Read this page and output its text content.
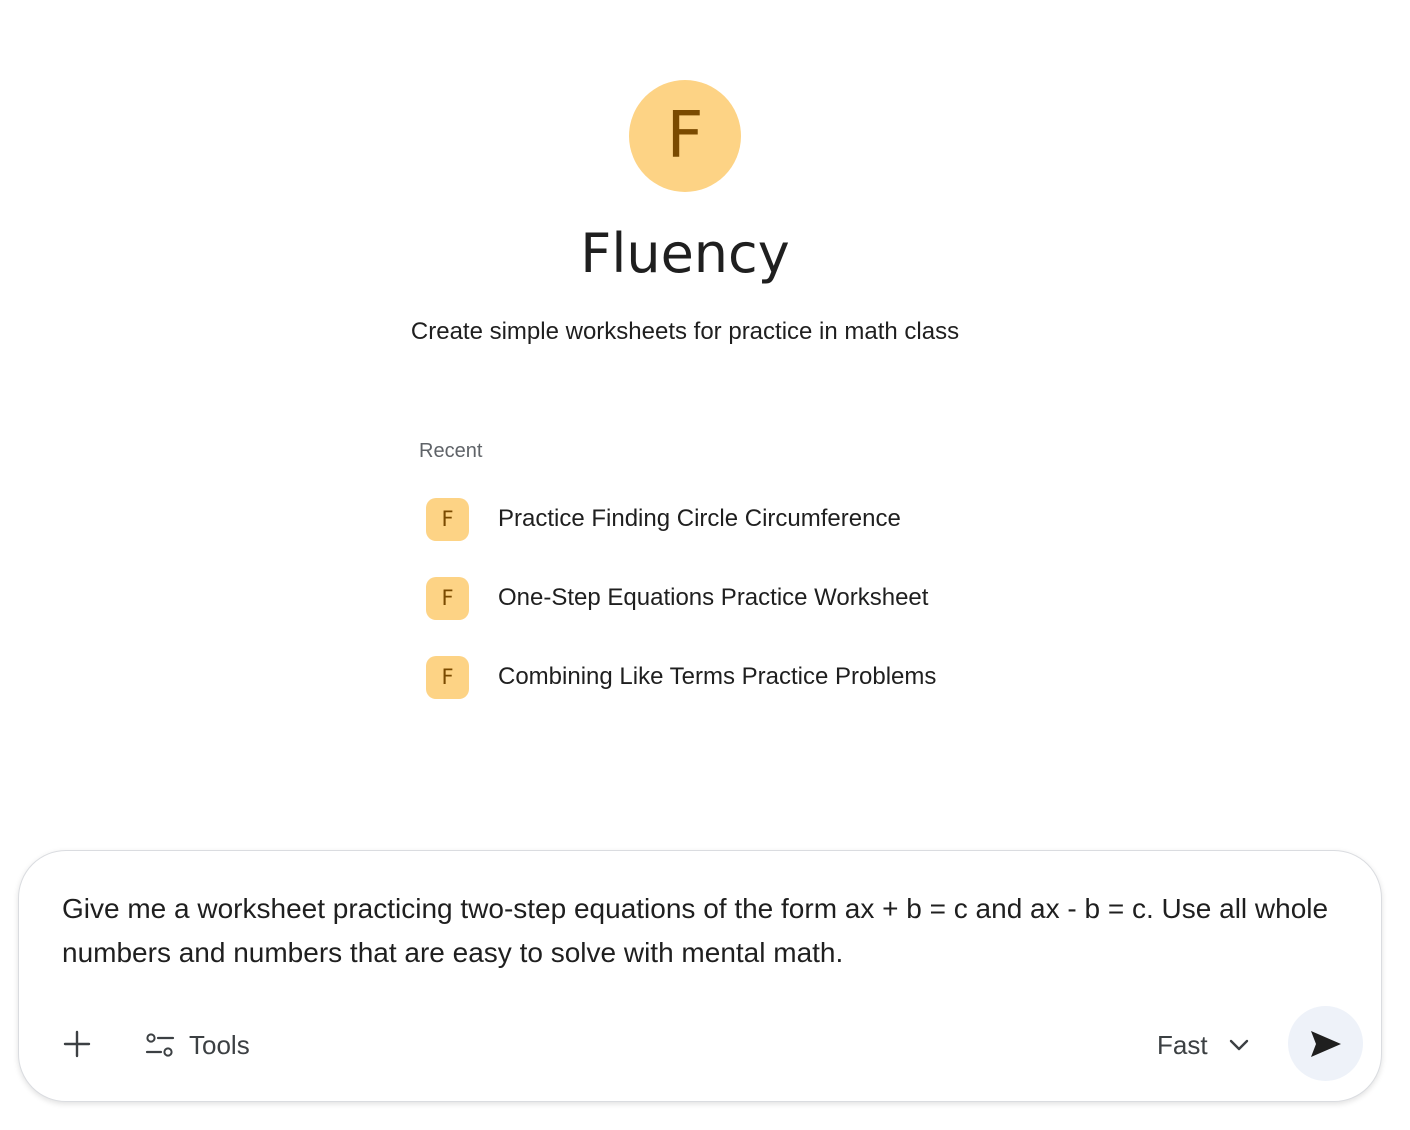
F
Fluency
Create simple worksheets for practice in math class
Recent
F Practice Finding Circle Circumference
F One-Step Equations Practice Worksheet
F Combining Like Terms Practice Problems
Give me a worksheet practicing two-step equations of the form ax + b = c and ax - b = c. Use all whole numbers and numbers that are easy to solve with mental math.
Tools	Fast
